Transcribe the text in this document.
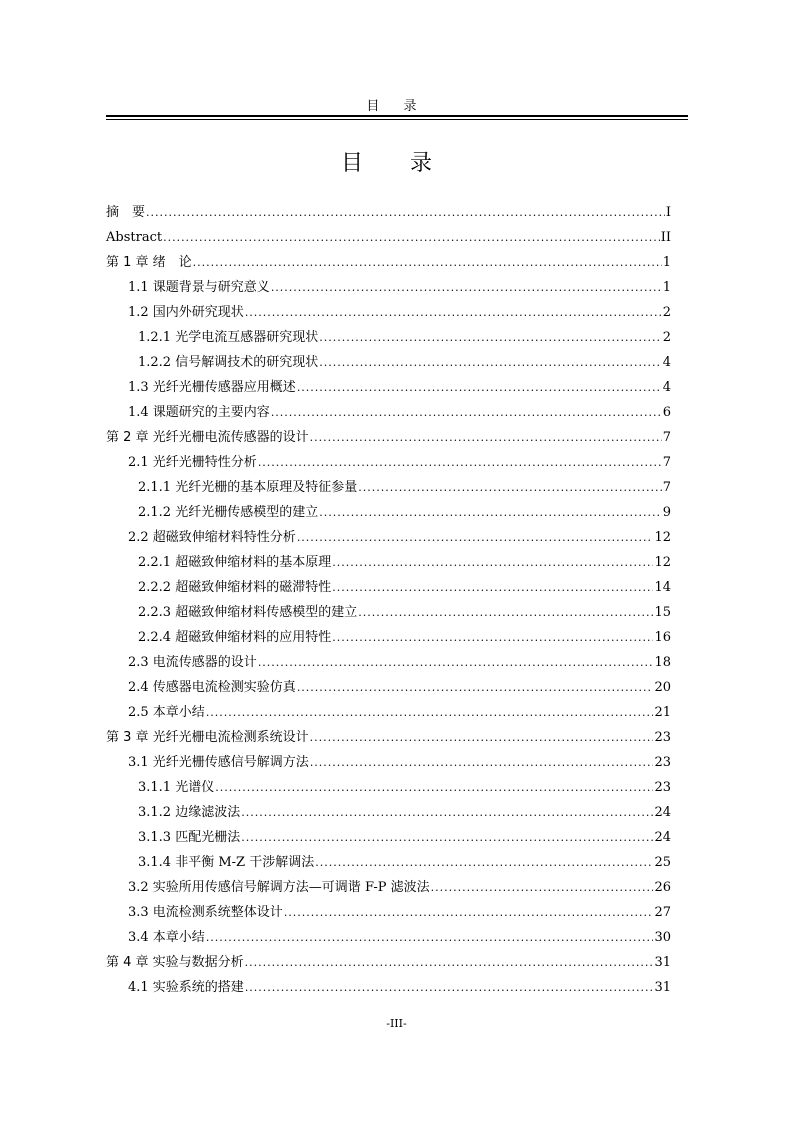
目 录
目 录
摘　要 .....	I
Abstract .....	II
第 1 章 绪　论 .....	1
1.1 课题背景与研究意义 .....	1
1.2 国内外研究现状 .....	2
1.2.1 光学电流互感器研究现状 .....	2
1.2.2 信号解调技术的研究现状 .....	4
1.3 光纤光栅传感器应用概述 .....	4
1.4 课题研究的主要内容 .....	6
第 2 章 光纤光栅电流传感器的设计 .....	7
2.1 光纤光栅特性分析 .....	7
2.1.1 光纤光栅的基本原理及特征参量 .....	7
2.1.2 光纤光栅传感模型的建立 .....	9
2.2 超磁致伸缩材料特性分析 .....	12
2.2.1 超磁致伸缩材料的基本原理 .....	12
2.2.2 超磁致伸缩材料的磁滞特性 .....	14
2.2.3 超磁致伸缩材料传感模型的建立 .....	15
2.2.4 超磁致伸缩材料的应用特性 .....	16
2.3 电流传感器的设计 .....	18
2.4 传感器电流检测实验仿真 .....	20
2.5 本章小结 .....	21
第 3 章 光纤光栅电流检测系统设计 .....	23
3.1 光纤光栅传感信号解调方法 .....	23
3.1.1 光谱仪 .....	23
3.1.2 边缘滤波法 .....	24
3.1.3 匹配光栅法 .....	24
3.1.4 非平衡 M-Z 干涉解调法 .....	25
3.2 实验所用传感信号解调方法—可调谐 F-P 滤波法 .....	26
3.3 电流检测系统整体设计 .....	27
3.4 本章小结 .....	30
第 4 章 实验与数据分析 .....	31
4.1 实验系统的搭建 .....	31
-III-
